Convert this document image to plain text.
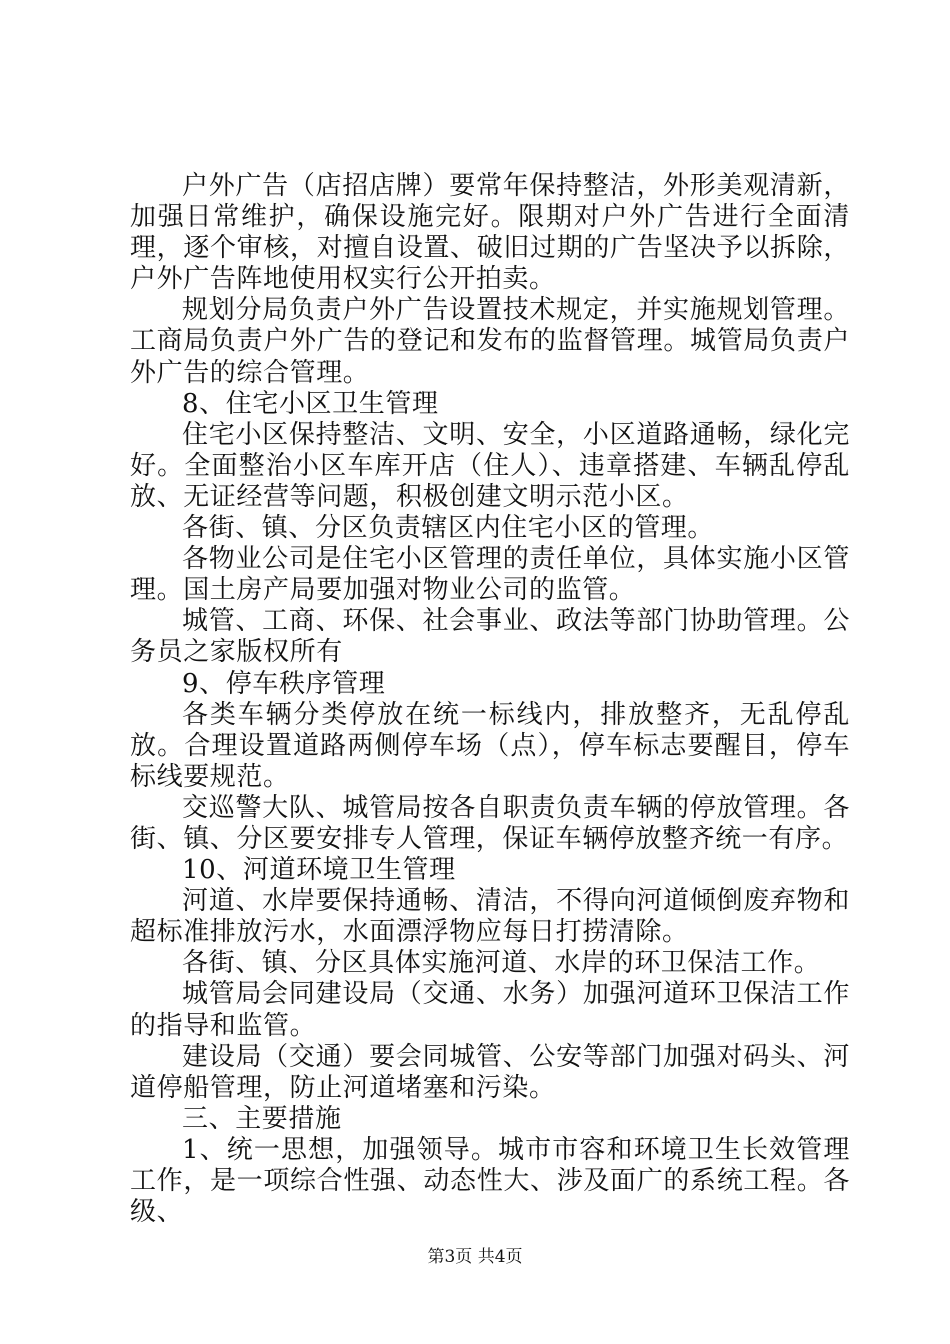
户外广告（店招店牌）要常年保持整洁，外形美观清新，加强日常维护，确保设施完好。限期对户外广告进行全面清理，逐个审核，对擅自设置、破旧过期的广告坚决予以拆除，户外广告阵地使用权实行公开拍卖。

规划分局负责户外广告设置技术规定，并实施规划管理。工商局负责户外广告的登记和发布的监督管理。城管局负责户外广告的综合管理。

8、住宅小区卫生管理

住宅小区保持整洁、文明、安全，小区道路通畅，绿化完好。全面整治小区车库开店（住人）、违章搭建、车辆乱停乱放、无证经营等问题，积极创建文明示范小区。

各街、镇、分区负责辖区内住宅小区的管理。

各物业公司是住宅小区管理的责任单位，具体实施小区管理。国土房产局要加强对物业公司的监管。

城管、工商、环保、社会事业、政法等部门协助管理。公务员之家版权所有

9、停车秩序管理

各类车辆分类停放在统一标线内，排放整齐，无乱停乱放。合理设置道路两侧停车场（点），停车标志要醒目，停车标线要规范。

交巡警大队、城管局按各自职责负责车辆的停放管理。各街、镇、分区要安排专人管理，保证车辆停放整齐统一有序。

10、河道环境卫生管理

河道、水岸要保持通畅、清洁，不得向河道倾倒废弃物和超标准排放污水，水面漂浮物应每日打捞清除。

各街、镇、分区具体实施河道、水岸的环卫保洁工作。

城管局会同建设局（交通、水务）加强河道环卫保洁工作的指导和监管。

建设局（交通）要会同城管、公安等部门加强对码头、河道停船管理，防止河道堵塞和污染。

三、主要措施

1、统一思想，加强领导。城市市容和环境卫生长效管理工作，是一项综合性强、动态性大、涉及面广的系统工程。各级、

第3页 共4页
